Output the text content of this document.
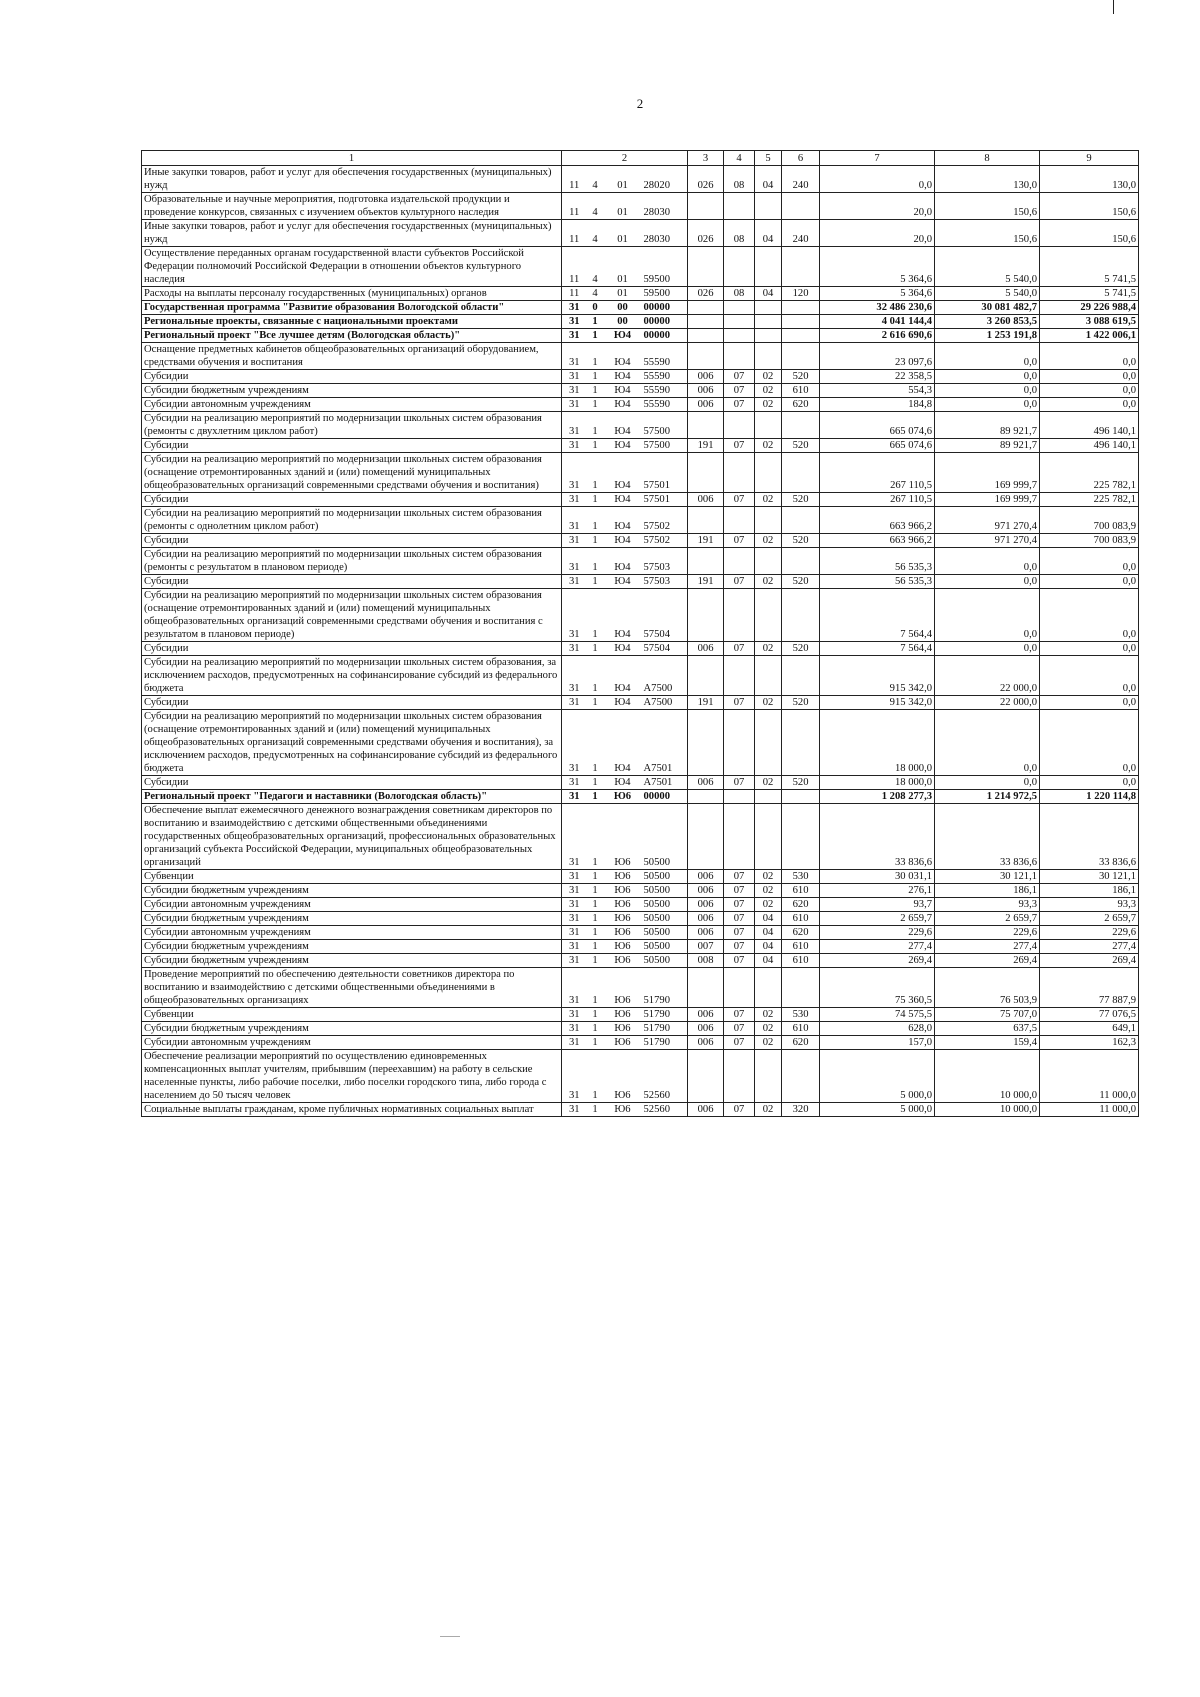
2
1	2				3	4	5	6	7	8	9
Иные закупки товаров, работ и услуг для обеспечения государственных (муниципальных) нужд	11	4	01	28020	026	08	04	240	0,0	130,0	130,0
Образовательные и научные мероприятия, подготовка издательской продукции и проведение конкурсов, связанных с изучением объектов культурного наследия	11	4	01	28030					20,0	150,6	150,6
Иные закупки товаров, работ и услуг для обеспечения государственных (муниципальных) нужд	11	4	01	28030	026	08	04	240	20,0	150,6	150,6
Осуществление переданных органам государственной власти субъектов Российской Федерации полномочий Российской Федерации в отношении объектов культурного наследия	11	4	01	59500					5 364,6	5 540,0	5 741,5
Расходы на выплаты персоналу государственных (муниципальных) органов	11	4	01	59500	026	08	04	120	5 364,6	5 540,0	5 741,5
Государственная программа "Развитие образования Вологодской области"	31	0	00	00000					32 486 230,6	30 081 482,7	29 226 988,4
Региональные проекты, связанные с национальными проектами	31	1	00	00000					4 041 144,4	3 260 853,5	3 088 619,5
Региональный проект "Все лучшее детям (Вологодская область)"	31	1	Ю4	00000					2 616 690,6	1 253 191,8	1 422 006,1
Оснащение предметных кабинетов общеобразовательных организаций оборудованием, средствами обучения и воспитания	31	1	Ю4	55590					23 097,6	0,0	0,0
Субсидии	31	1	Ю4	55590	006	07	02	520	22 358,5	0,0	0,0
Субсидии бюджетным учреждениям	31	1	Ю4	55590	006	07	02	610	554,3	0,0	0,0
Субсидии автономным учреждениям	31	1	Ю4	55590	006	07	02	620	184,8	0,0	0,0
Субсидии на реализацию мероприятий по модернизации школьных систем образования (ремонты с двухлетним циклом работ)	31	1	Ю4	57500					665 074,6	89 921,7	496 140,1
Субсидии	31	1	Ю4	57500	191	07	02	520	665 074,6	89 921,7	496 140,1
Субсидии на реализацию мероприятий по модернизации школьных систем образования (оснащение отремонтированных зданий и (или) помещений муниципальных общеобразовательных организаций современными средствами обучения и воспитания)	31	1	Ю4	57501					267 110,5	169 999,7	225 782,1
Субсидии	31	1	Ю4	57501	006	07	02	520	267 110,5	169 999,7	225 782,1
Субсидии на реализацию мероприятий по модернизации школьных систем образования (ремонты с однолетним циклом работ)	31	1	Ю4	57502					663 966,2	971 270,4	700 083,9
Субсидии	31	1	Ю4	57502	191	07	02	520	663 966,2	971 270,4	700 083,9
Субсидии на реализацию мероприятий по модернизации школьных систем образования (ремонты с результатом в плановом периоде)	31	1	Ю4	57503					56 535,3	0,0	0,0
Субсидии	31	1	Ю4	57503	191	07	02	520	56 535,3	0,0	0,0
Субсидии на реализацию мероприятий по модернизации школьных систем образования (оснащение отремонтированных зданий и (или) помещений муниципальных общеобразовательных организаций современными средствами обучения и воспитания с результатом в плановом периоде)	31	1	Ю4	57504					7 564,4	0,0	0,0
Субсидии	31	1	Ю4	57504	006	07	02	520	7 564,4	0,0	0,0
Субсидии на реализацию мероприятий по модернизации школьных систем образования, за исключением расходов, предусмотренных на софинансирование субсидий из федерального бюджета	31	1	Ю4	А7500					915 342,0	22 000,0	0,0
Субсидии	31	1	Ю4	А7500	191	07	02	520	915 342,0	22 000,0	0,0
Субсидии на реализацию мероприятий по модернизации школьных систем образования (оснащение отремонтированных зданий и (или) помещений муниципальных общеобразовательных организаций современными средствами обучения и воспитания), за исключением расходов, предусмотренных на софинансирование субсидий из федерального бюджета	31	1	Ю4	А7501					18 000,0	0,0	0,0
Субсидии	31	1	Ю4	А7501	006	07	02	520	18 000,0	0,0	0,0
Региональный проект "Педагоги и наставники (Вологодская область)"	31	1	Ю6	00000					1 208 277,3	1 214 972,5	1 220 114,8
Обеспечение выплат ежемесячного денежного вознаграждения советникам директоров по воспитанию и взаимодействию с детскими общественными объединениями государственных общеобразовательных организаций, профессиональных образовательных организаций субъекта Российской Федерации, муниципальных общеобразовательных организаций	31	1	Ю6	50500					33 836,6	33 836,6	33 836,6
Субвенции	31	1	Ю6	50500	006	07	02	530	30 031,1	30 121,1	30 121,1
Субсидии бюджетным учреждениям	31	1	Ю6	50500	006	07	02	610	276,1	186,1	186,1
Субсидии автономным учреждениям	31	1	Ю6	50500	006	07	02	620	93,7	93,3	93,3
Субсидии бюджетным учреждениям	31	1	Ю6	50500	006	07	04	610	2 659,7	2 659,7	2 659,7
Субсидии автономным учреждениям	31	1	Ю6	50500	006	07	04	620	229,6	229,6	229,6
Субсидии бюджетным учреждениям	31	1	Ю6	50500	007	07	04	610	277,4	277,4	277,4
Субсидии бюджетным учреждениям	31	1	Ю6	50500	008	07	04	610	269,4	269,4	269,4
Проведение мероприятий по обеспечению деятельности советников директора по воспитанию и взаимодействию с детскими общественными объединениями в общеобразовательных организациях	31	1	Ю6	51790					75 360,5	76 503,9	77 887,9
Субвенции	31	1	Ю6	51790	006	07	02	530	74 575,5	75 707,0	77 076,5
Субсидии бюджетным учреждениям	31	1	Ю6	51790	006	07	02	610	628,0	637,5	649,1
Субсидии автономным учреждениям	31	1	Ю6	51790	006	07	02	620	157,0	159,4	162,3
Обеспечение реализации мероприятий по осуществлению единовременных компенсационных выплат учителям, прибывшим (переехавшим) на работу в сельские населенные пункты, либо рабочие поселки, либо поселки городского типа, либо города с населением до 50 тысяч человек	31	1	Ю6	52560					5 000,0	10 000,0	11 000,0
Социальные выплаты гражданам, кроме публичных нормативных социальных выплат	31	1	Ю6	52560	006	07	02	320	5 000,0	10 000,0	11 000,0
